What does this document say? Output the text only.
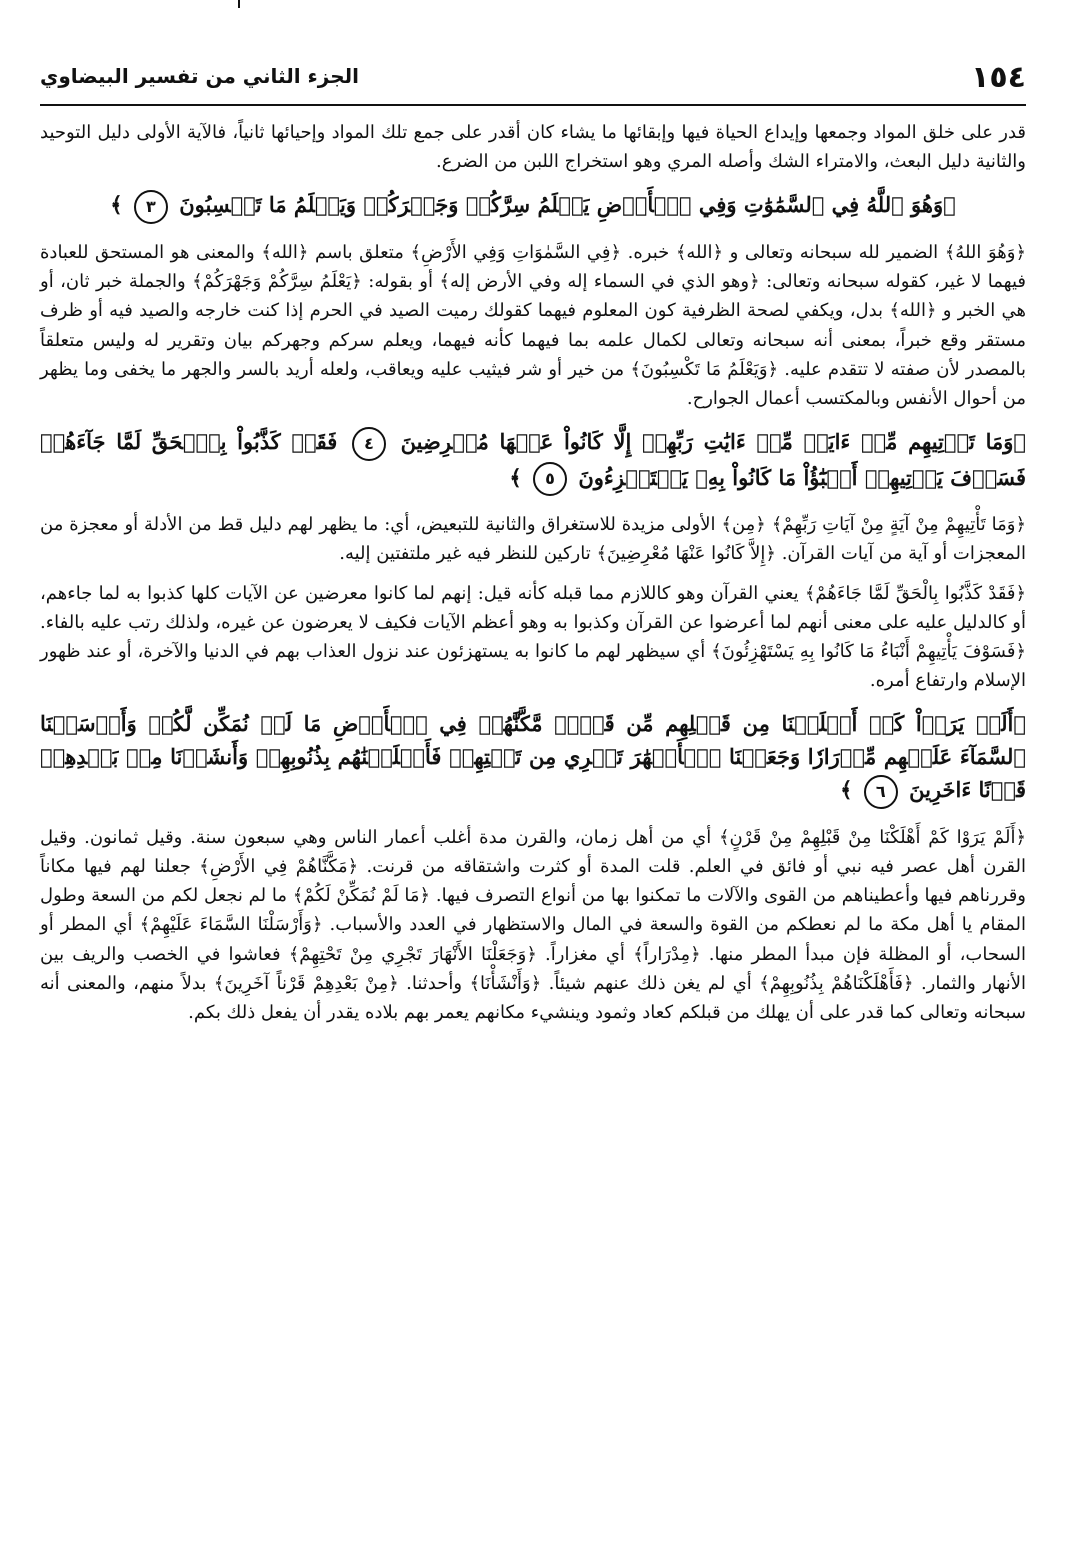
١٥٤
الجزء الثاني من تفسير البيضاوي

قدر على خلق المواد وجمعها وإيداع الحياة فيها وإبقائها ما يشاء كان أقدر على جمع تلك المواد وإحيائها ثانياً، فالآية الأولى دليل التوحيد والثانية دليل البعث، والامتراء الشك وأصله المري وهو استخراج اللبن من الضرع.

﴿وَهُوَ ٱللَّهُ فِي ٱلسَّمَٰوَٰتِ وَفِي ٱلۡأَرۡضِ يَعۡلَمُ سِرَّكُمۡ وَجَهۡرَكُمۡ وَيَعۡلَمُ مَا تَكۡسِبُونَ ٣ ﴾

﴿وَهُوَ اللهُ﴾ الضمير لله سبحانه وتعالى و ﴿الله﴾ خبره. ﴿فِي السَّمٰوَاتِ وَفِي الأَرْضِ﴾ متعلق باسم ﴿الله﴾ والمعنى هو المستحق للعبادة فيهما لا غير، كقوله سبحانه وتعالى: ﴿وهو الذي في السماء إله وفي الأرض إله﴾ أو بقوله: ﴿يَعْلَمُ سِرَّكُمْ وَجَهْرَكُمْ﴾ والجملة خبر ثان، أو هي الخبر و ﴿الله﴾ بدل، ويكفي لصحة الظرفية كون المعلوم فيهما كقولك رميت الصيد في الحرم إذا كنت خارجه والصيد فيه أو ظرف مستقر وقع خبراً، بمعنى أنه سبحانه وتعالى لكمال علمه بما فيهما كأنه فيهما، ويعلم سركم وجهركم بيان وتقرير له وليس متعلقاً بالمصدر لأن صفته لا تتقدم عليه. ﴿وَيَعْلَمُ مَا تَكْسِبُونَ﴾ من خير أو شر فيثيب عليه ويعاقب، ولعله أريد بالسر والجهر ما يخفى وما يظهر من أحوال الأنفس وبالمكتسب أعمال الجوارح.

﴿وَمَا تَأۡتِيهِم مِّنۡ ءَايَةٖ مِّنۡ ءَايَٰتِ رَبِّهِمۡ إِلَّا كَانُواْ عَنۡهَا مُعۡرِضِينَ ٤ فَقَدۡ كَذَّبُواْ بِٱلۡحَقِّ لَمَّا جَآءَهُمۡ فَسَوۡفَ يَأۡتِيهِمۡ أَنۢبَٰٓؤُاْ مَا كَانُواْ بِهِۦ يَسۡتَهۡزِءُونَ ٥ ﴾

﴿وَمَا تَأْتِيهِمْ مِنْ آيَةٍ مِنْ آيَاتِ رَبِّهِمْ﴾ ﴿مِن﴾ الأولى مزيدة للاستغراق والثانية للتبعيض، أي: ما يظهر لهم دليل قط من الأدلة أو معجزة من المعجزات أو آية من آيات القرآن. ﴿إِلاَّ كَانُوا عَنْهَا مُعْرِضِينَ﴾ تاركين للنظر فيه غير ملتفتين إليه.

﴿فَقَدْ كَذَّبُوا بِالْحَقِّ لَمَّا جَاءَهُمْ﴾ يعني القرآن وهو كاللازم مما قبله كأنه قيل: إنهم لما كانوا معرضين عن الآيات كلها كذبوا به لما جاءهم، أو كالدليل عليه على معنى أنهم لما أعرضوا عن القرآن وكذبوا به وهو أعظم الآيات فكيف لا يعرضون عن غيره، ولذلك رتب عليه بالفاء. ﴿فَسَوْفَ يَأْتِيهِمْ أَنْبَاءُ مَا كَانُوا بِهِ يَسْتَهْزِئُونَ﴾ أي سيظهر لهم ما كانوا به يستهزئون عند نزول العذاب بهم في الدنيا والآخرة، أو عند ظهور الإسلام وارتفاع أمره.

﴿أَلَمۡ يَرَوۡاْ كَمۡ أَهۡلَكۡنَا مِن قَبۡلِهِم مِّن قَرۡنٖ مَّكَّنَّٰهُمۡ فِي ٱلۡأَرۡضِ مَا لَمۡ نُمَكِّن لَّكُمۡ وَأَرۡسَلۡنَا ٱلسَّمَآءَ عَلَيۡهِم مِّدۡرَارٗا وَجَعَلۡنَا ٱلۡأَنۡهَٰرَ تَجۡرِي مِن تَحۡتِهِمۡ فَأَهۡلَكۡنَٰهُم بِذُنُوبِهِمۡ وَأَنشَأۡنَا مِنۢ بَعۡدِهِمۡ قَرۡنًا ءَاخَرِينَ ٦ ﴾

﴿أَلَمْ يَرَوْا كَمْ أَهْلَكْنَا مِنْ قَبْلِهِمْ مِنْ قَرْنٍ﴾ أي من أهل زمان، والقرن مدة أغلب أعمار الناس وهي سبعون سنة. وقيل ثمانون. وقيل القرن أهل عصر فيه نبي أو فائق في العلم. قلت المدة أو كثرت واشتقاقه من قرنت. ﴿مَكَّنَّاهُمْ فِي الأَرْضِ﴾ جعلنا لهم فيها مكاناً وقررناهم فيها وأعطيناهم من القوى والآلات ما تمكنوا بها من أنواع التصرف فيها. ﴿مَا لَمْ نُمَكِّنْ لَكُمْ﴾ ما لم نجعل لكم من السعة وطول المقام يا أهل مكة ما لم نعطكم من القوة والسعة في المال والاستظهار في العدد والأسباب. ﴿وَأَرْسَلْنَا السَّمَاءَ عَلَيْهِمْ﴾ أي المطر أو السحاب، أو المظلة فإن مبدأ المطر منها. ﴿مِدْرَاراً﴾ أي مغزاراً. ﴿وَجَعَلْنَا الأَنْهَارَ تَجْرِي مِنْ تَحْتِهِمْ﴾ فعاشوا في الخصب والريف بين الأنهار والثمار. ﴿فَأَهْلَكْنَاهُمْ بِذُنُوبِهِمْ﴾ أي لم يغن ذلك عنهم شيئاً. ﴿وَأَنْشَأْنَا﴾ وأحدثنا. ﴿مِنْ بَعْدِهِمْ قَرْناً آخَرِينَ﴾ بدلاً منهم، والمعنى أنه سبحانه وتعالى كما قدر على أن يهلك من قبلكم كعاد وثمود وينشيء مكانهم يعمر بهم بلاده يقدر أن يفعل ذلك بكم.
